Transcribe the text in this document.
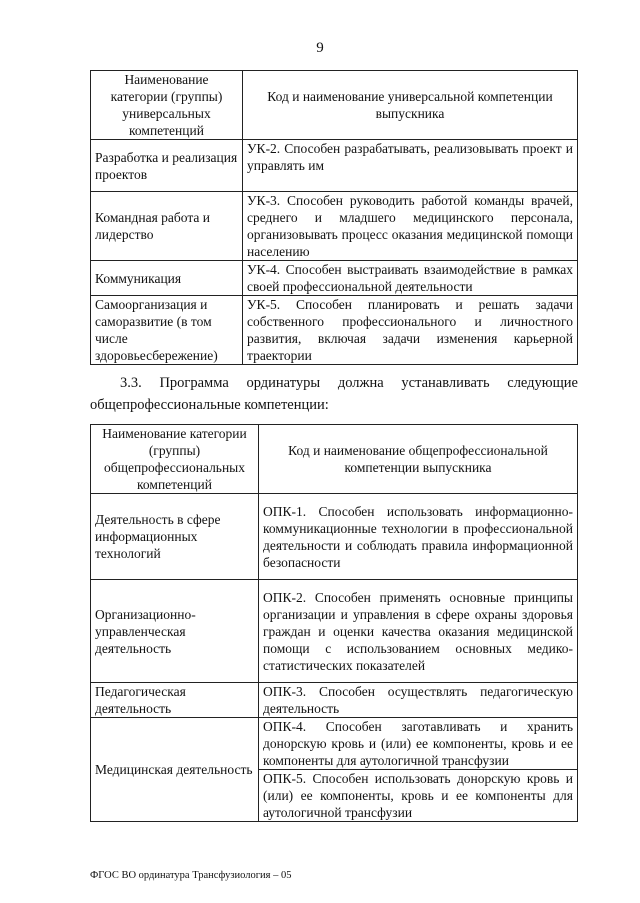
9
Наименование категории (группы) универсальных компетенций	Код и наименование универсальной компетенции выпускника
Разработка и реализация проектов	УК-2. Способен разрабатывать, реализовывать проект и управлять им
Командная работа и лидерство	УК-3. Способен руководить работой команды врачей, среднего и младшего медицинского персонала, организовывать процесс оказания медицинской помощи населению
Коммуникация	УК-4. Способен выстраивать взаимодействие в рамках своей профессиональной деятельности
Самоорганизация и саморазвитие (в том числе здоровьесбережение)	УК-5. Способен планировать и решать задачи собственного профессионального и личностного развития, включая задачи изменения карьерной траектории
3.3. Программа ординатуры должна устанавливать следующие общепрофессиональные компетенции:
Наименование категории (группы) общепрофессиональных компетенций	Код и наименование общепрофессиональной компетенции выпускника
Деятельность в сфере информационных технологий	ОПК-1. Способен использовать информационно-коммуникационные технологии в профессиональной деятельности и соблюдать правила информационной безопасности
Организационно-управленческая деятельность	ОПК-2. Способен применять основные принципы организации и управления в сфере охраны здоровья граждан и оценки качества оказания медицинской помощи с использованием основных медико-статистических показателей
Педагогическая деятельность	ОПК-3. Способен осуществлять педагогическую деятельность
Медицинская деятельность	ОПК-4. Способен заготавливать и хранить донорскую кровь и (или) ее компоненты, кровь и ее компоненты для аутологичной трансфузии
	ОПК-5. Способен использовать донорскую кровь и (или) ее компоненты, кровь и ее компоненты для аутологичной трансфузии
ФГОС ВО ординатура Трансфузиология – 05
